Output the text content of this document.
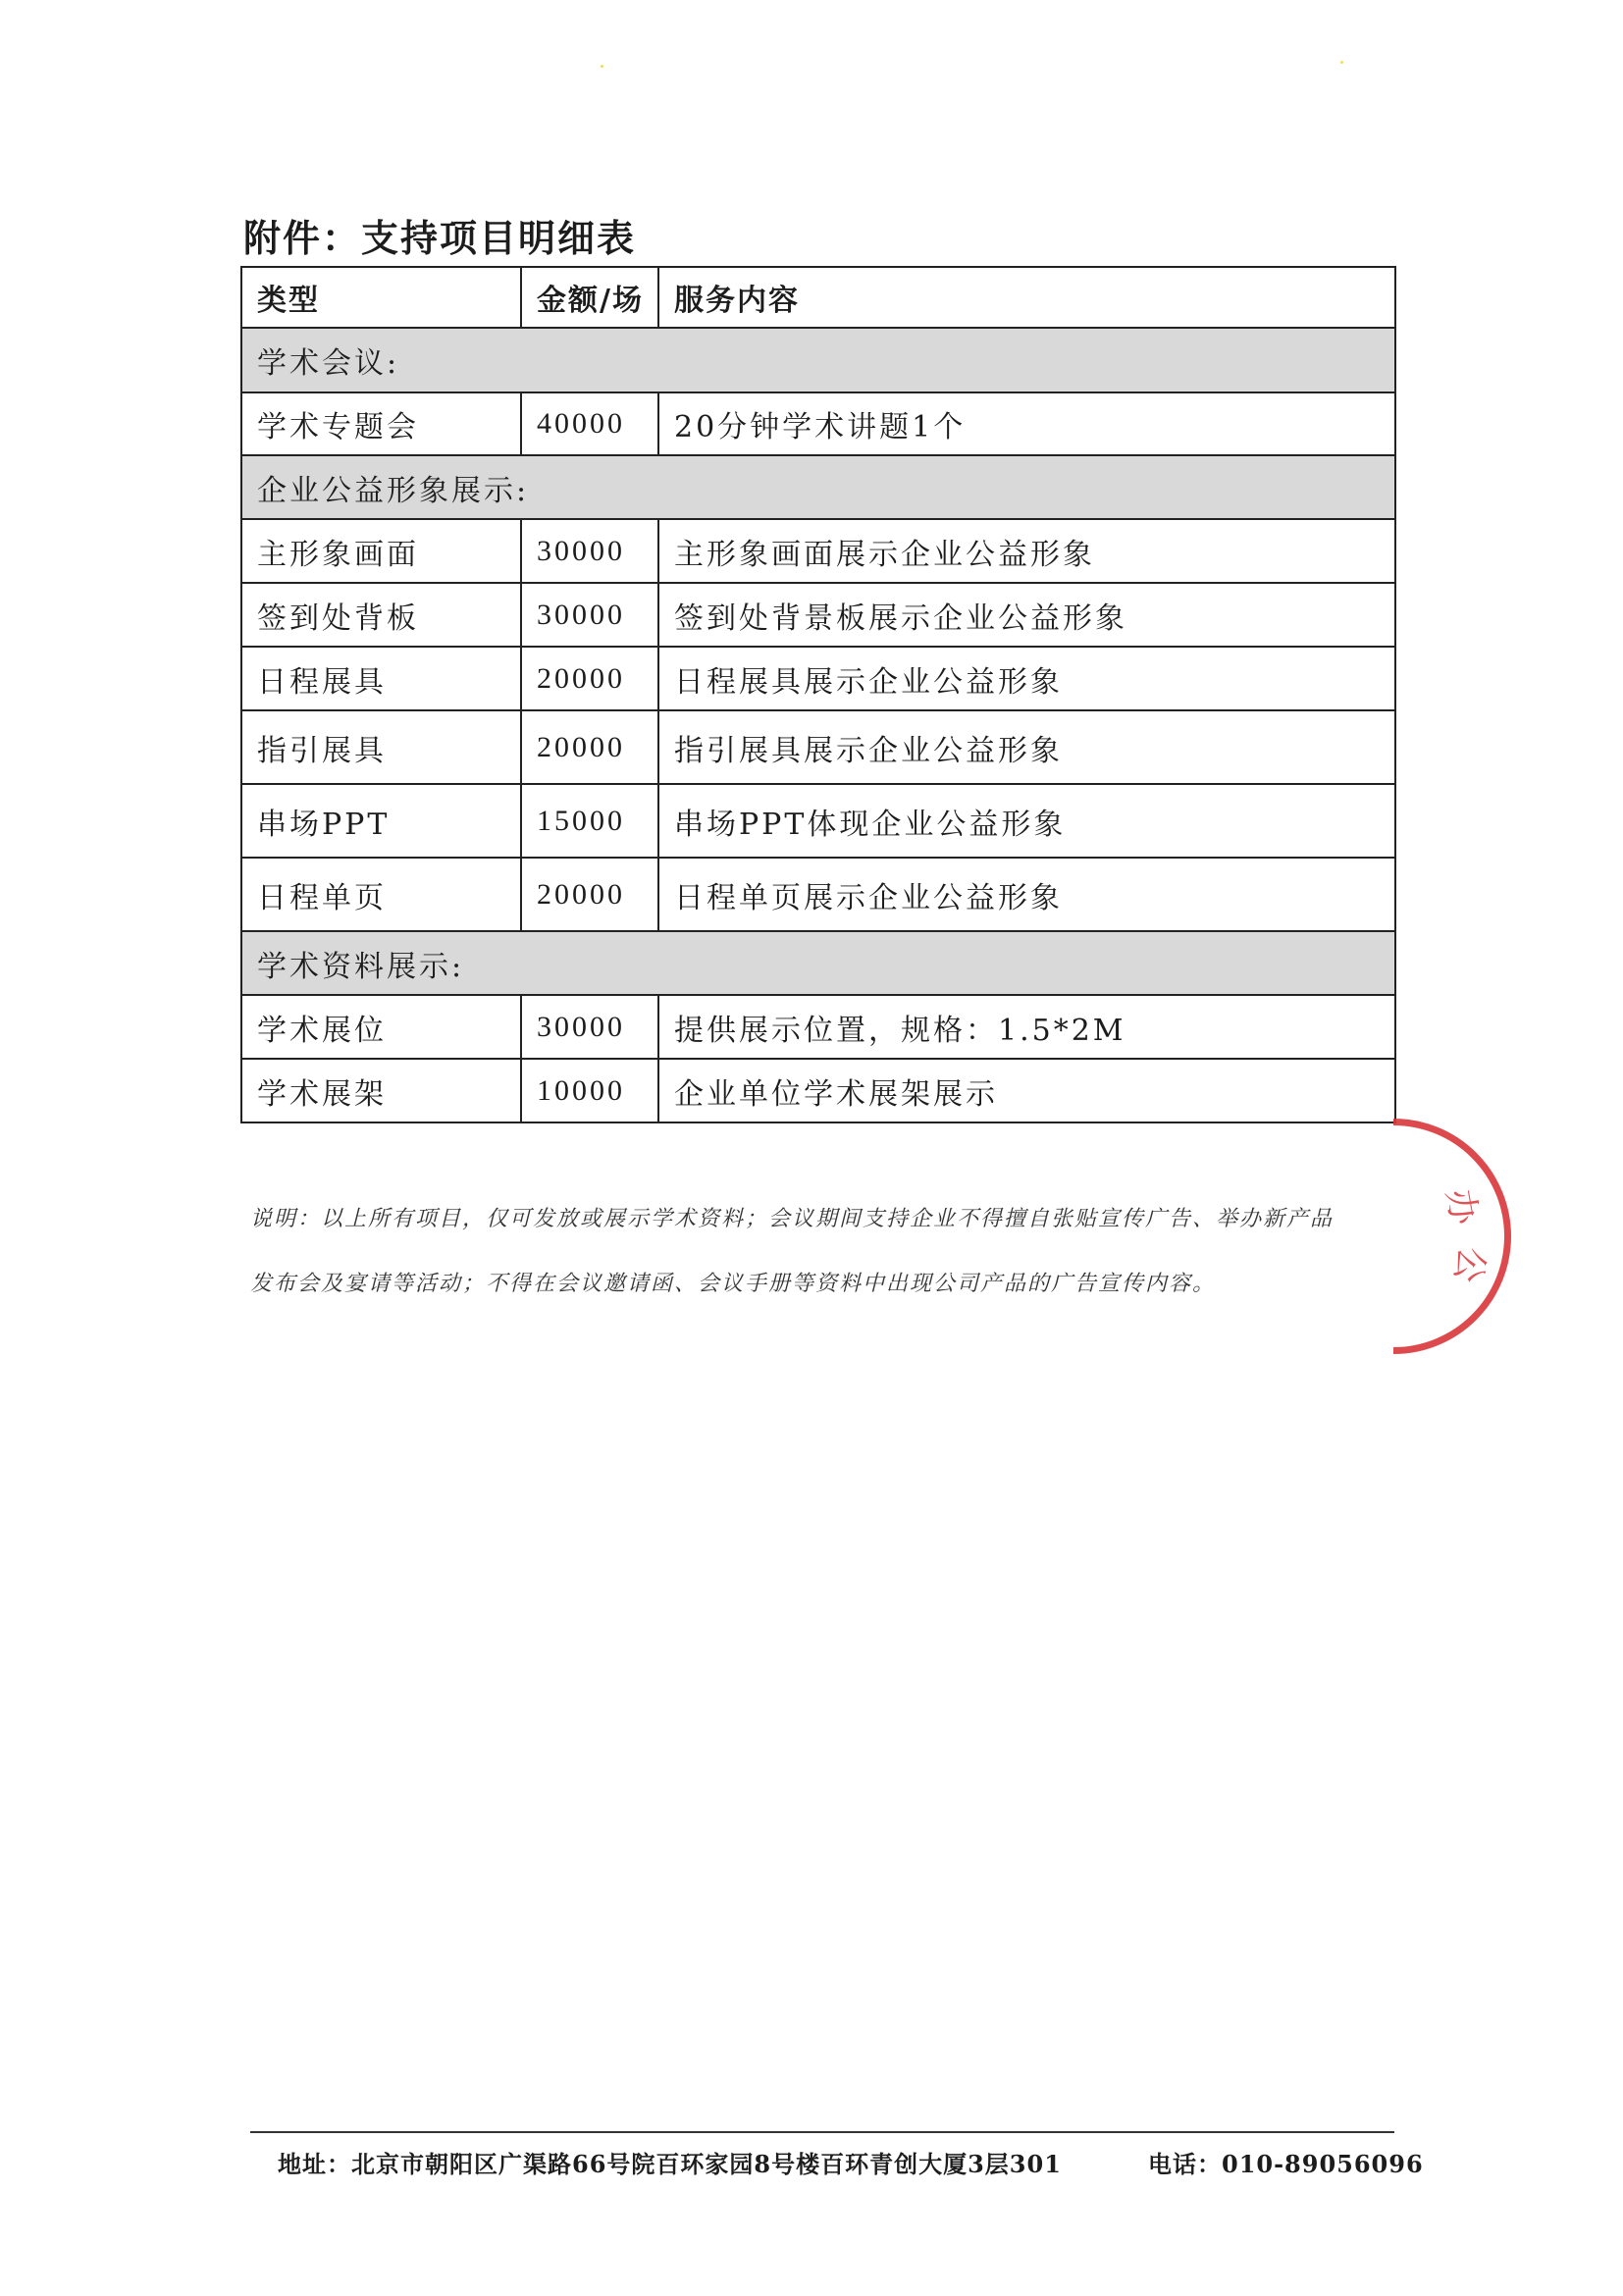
附件：支持项目明细表
类型	金额/场	服务内容
学术会议:		
学术专题会	40000	20分钟学术讲题1个
企业公益形象展示:		
主形象画面	30000	主形象画面展示企业公益形象
签到处背板	30000	签到处背景板展示企业公益形象
日程展具	20000	日程展具展示企业公益形象
指引展具	20000	指引展具展示企业公益形象
串场PPT	15000	串场PPT体现企业公益形象
日程单页	20000	日程单页展示企业公益形象
学术资料展示:		
学术展位	30000	提供展示位置，规格：1.5*2M
学术展架	10000	企业单位学术展架展示
说明：以上所有项目，仅可发放或展示学术资料；会议期间支持企业不得擅自张贴宣传广告、举办新产品发布会及宴请等活动；不得在会议邀请函、会议手册等资料中出现公司产品的广告宣传内容。
办
公
地址：北京市朝阳区广渠路66号院百环家园8号楼百环青创大厦3层301	电话：010-89056096
